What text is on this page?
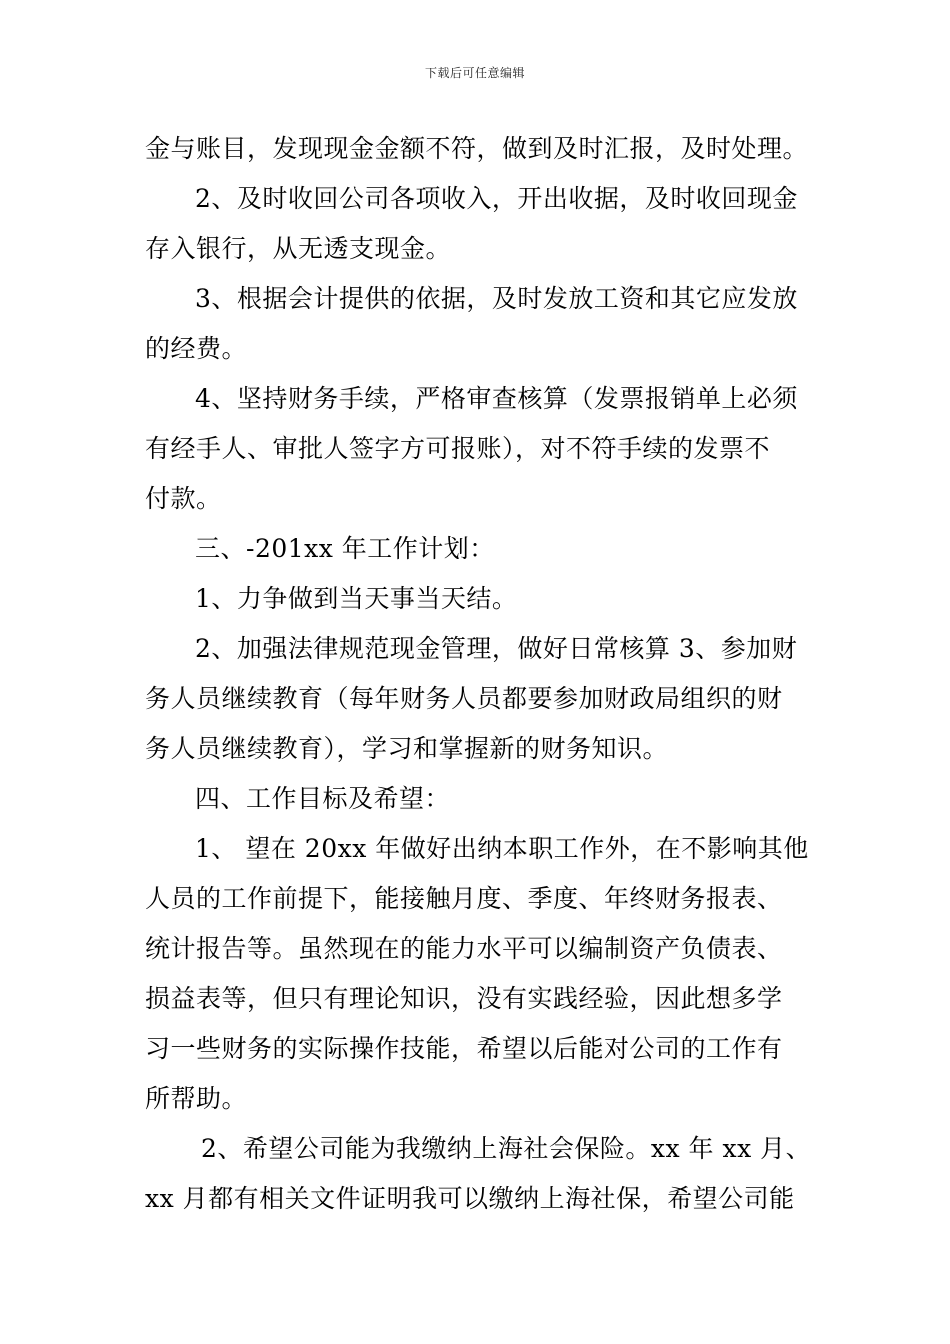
下载后可任意编辑
金与账目，发现现金金额不符，做到及时汇报，及时处理。
2、及时收回公司各项收入，开出收据，及时收回现金
存入银行，从无透支现金。
3、根据会计提供的依据，及时发放工资和其它应发放
的经费。
4、坚持财务手续，严格审查核算（发票报销单上必须
有经手人、审批人签字方可报账），对不符手续的发票不
付款。
三、-201xx 年工作计划：
1、力争做到当天事当天结。
2、加强法律规范现金管理，做好日常核算 3、参加财
务人员继续教育（每年财务人员都要参加财政局组织的财
务人员继续教育），学习和掌握新的财务知识。
四、工作目标及希望：
1、 望在 20xx 年做好出纳本职工作外，在不影响其他
人员的工作前提下，能接触月度、季度、年终财务报表、
统计报告等。虽然现在的能力水平可以编制资产负债表、
损益表等，但只有理论知识，没有实践经验，因此想多学
习一些财务的实际操作技能，希望以后能对公司的工作有
所帮助。
2、希望公司能为我缴纳上海社会保险。xx 年 xx 月、
xx 月都有相关文件证明我可以缴纳上海社保，希望公司能
